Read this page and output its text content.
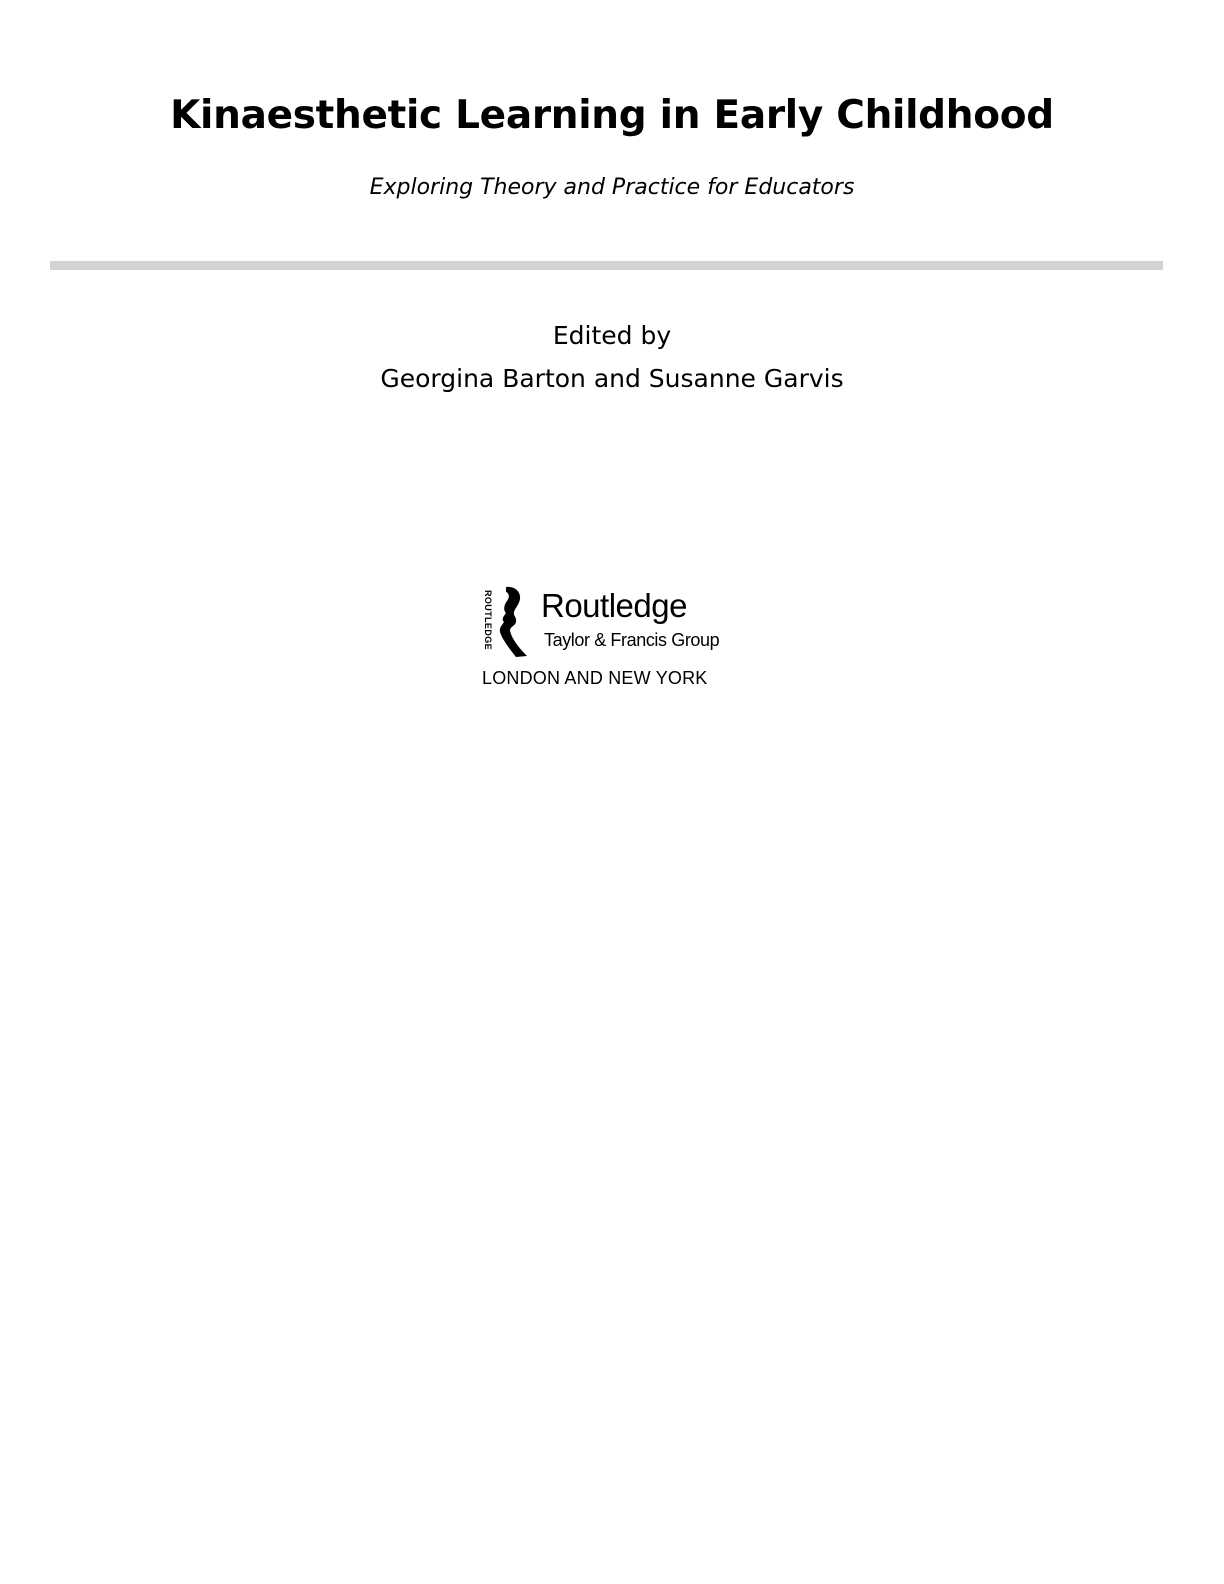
Kinaesthetic Learning in Early Childhood

Exploring Theory and Practice for Educators

Edited by
Georgina Barton and Susanne Garvis
ROUTLEDGE Routledge
Taylor & Francis Group
LONDON AND NEW YORK
